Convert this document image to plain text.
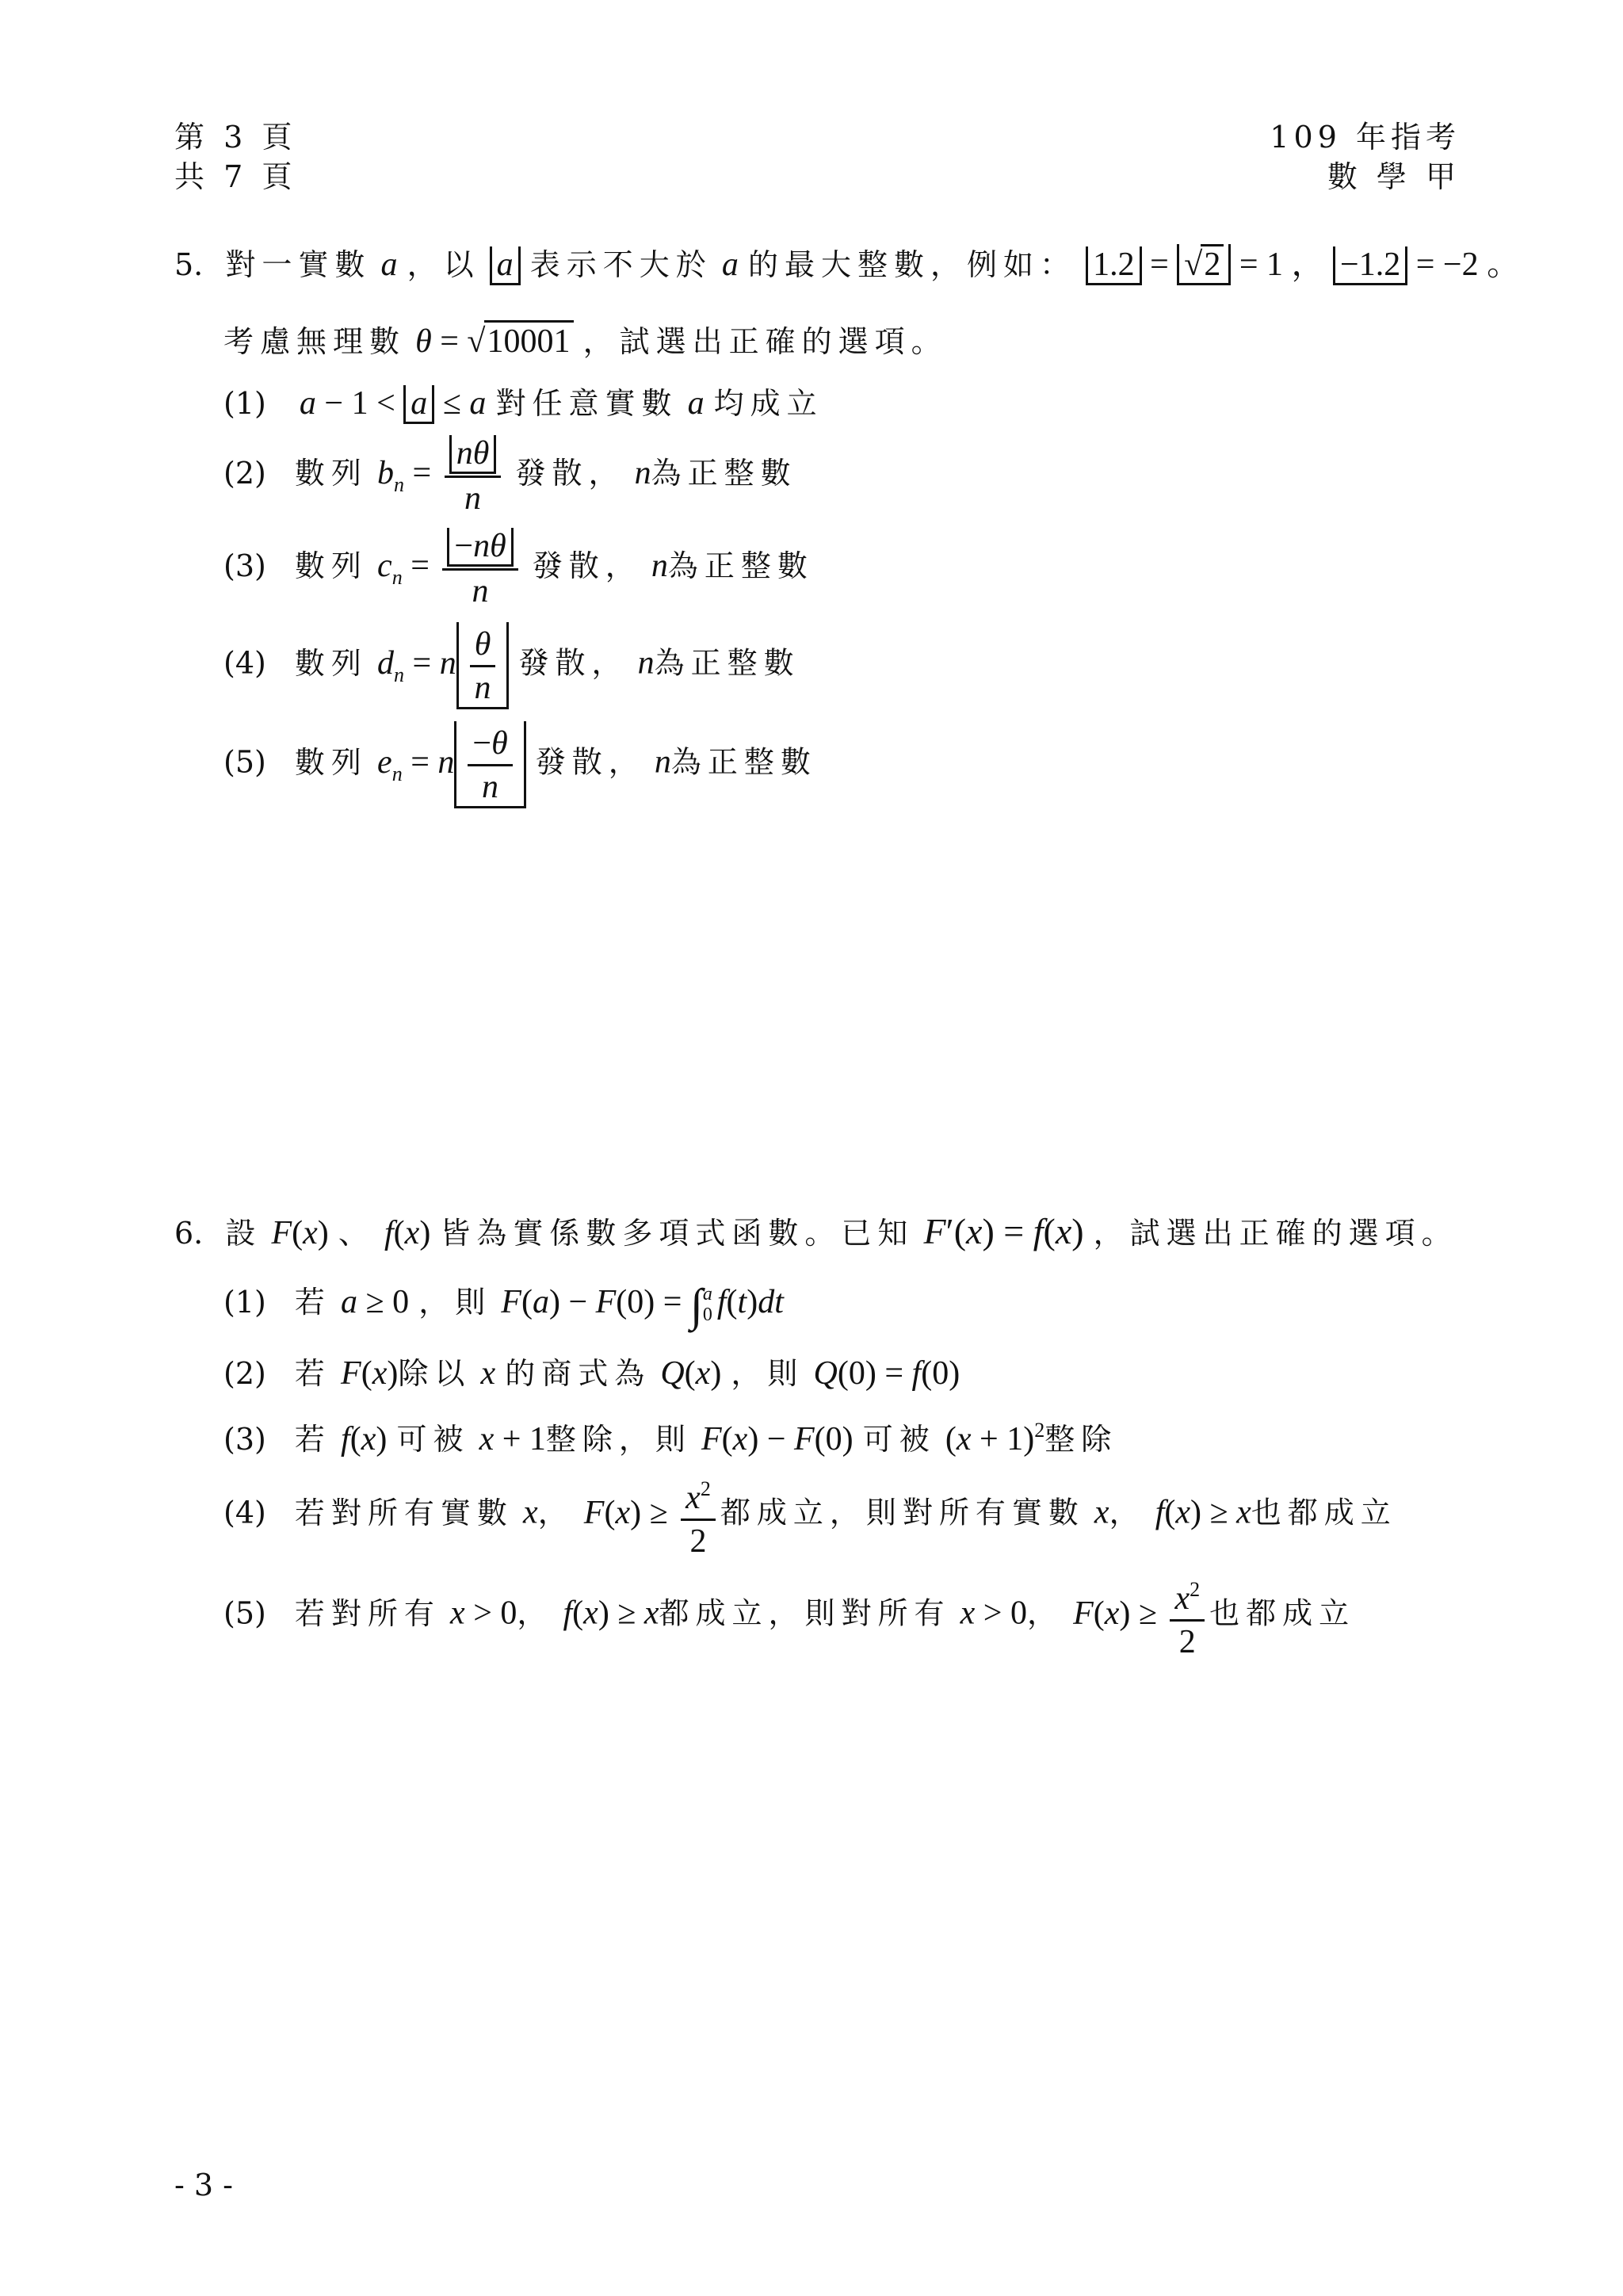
第 3 頁
共 7 頁
109 年指考
數 學 甲
5. 對一實數 a ，以 a 表示不大於 a 的最大整數，例如： 1.2 = √2 = 1 ， −1.2 = −2 。
考慮無理數 θ = √10001 ，試選出正確的選項。
(1) a − 1 < a ≤ a 對任意實數 a 均成立
(2) 數列 $b_n = \frac{n\theta}{n}$ 發散， n為正整數
(3) 數列 $c_n = \frac{-n\theta}{n}$ 發散， n為正整數
(4) 數列 $d_n = n \frac{\theta}{n}$ 發散， n為正整數
(5) 數列 $e_n = n \frac{-\theta}{n}$ 發散， n為正整數
6. 設 F(x) 、 f(x) 皆為實係數多項式函數。已知 F′(x) = f(x) ，試選出正確的選項。
(1) 若 a ≥ 0 ，則 F(a) − F(0) = ∫ a
0 f(t)dt
(2) 若 F(x)除以 x 的商式為 Q(x) ，則 Q(0) = f(0)
(3) 若 f(x) 可被 x + 1整除，則 F(x) − F(0) 可被 $(x + 1)^2$整除
(4) 若對所有實數 x， $F(x) \ge \frac{x^2}{2}$ 都成立，則對所有實數 x， f(x) ≥ x也都成立
(5) 若對所有 x > 0， f(x) ≥ x都成立，則對所有 x > 0， $F(x) \ge \frac{x^2}{2}$ 也都成立
- 3 -
